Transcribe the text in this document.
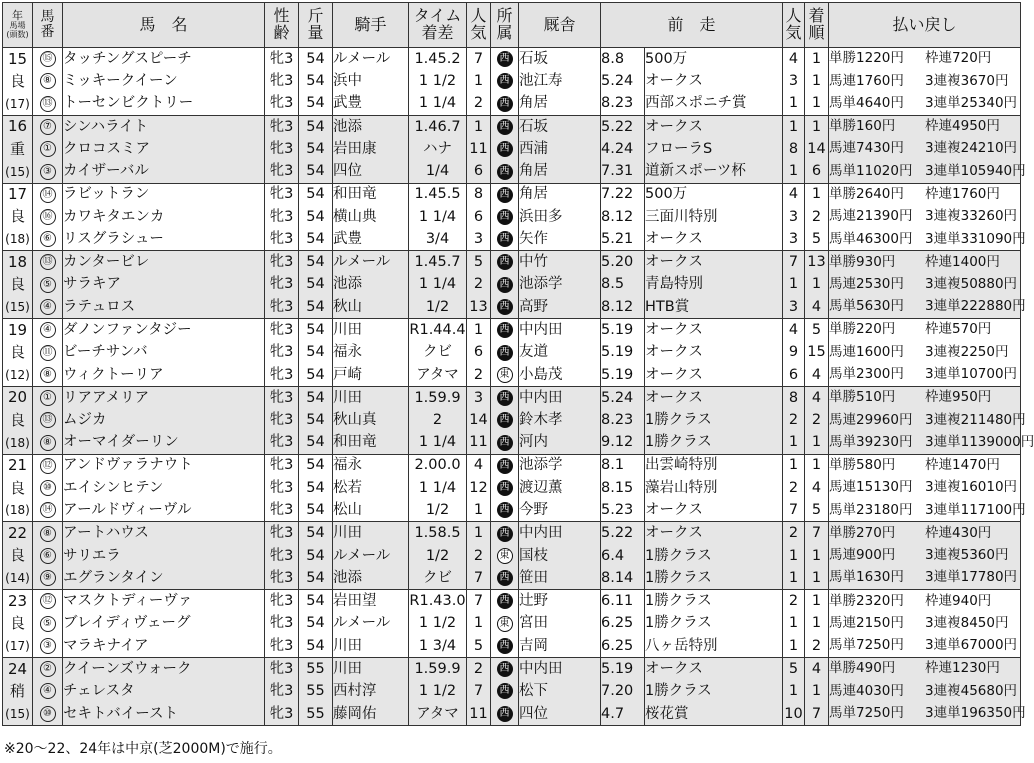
年
馬場
(頭数)	馬番	馬　名	性齢	斤量	騎手	タイム着差	人気	所属	厩舎	前　走		人気	着順	払い戻し
15	⑮	タッチングスピーチ	牝3	54	ルメール	1.45.2	7	西	石坂	8.8	500万	4	1	単勝1220円 枠連720円
良	⑧	ミッキークイーン	牝3	54	浜中	1 1/2	1	西	池江寿	5.24	オークス	3	1	馬連1760円 3連複3670円
(17)	⑬	トーセンビクトリー	牝3	54	武豊	1 1/4	2	西	角居	8.23	西部スポニチ賞	1	1	馬単4640円 3連単25340円
16	⑦	シンハライト	牝3	54	池添	1.46.7	1	西	石坂	5.22	オークス	1	1	単勝160円 枠連4950円
重	①	クロコスミア	牝3	54	岩田康	ハナ	11	西	西浦	4.24	フローラS	8	14	馬連7430円 3連複24210円
(15)	③	カイザーバル	牝3	54	四位	1/4	6	西	角居	7.31	道新スポーツ杯	1	6	馬単11020円 3連単105940円
17	⑭	ラビットラン	牝3	54	和田竜	1.45.5	8	西	角居	7.22	500万	4	1	単勝2640円 枠連1760円
良	⑯	カワキタエンカ	牝3	54	横山典	1 1/4	6	西	浜田多	8.12	三面川特別	3	2	馬連21390円 3連複33260円
(18)	⑥	リスグラシュー	牝3	54	武豊	3/4	3	西	矢作	5.21	オークス	3	5	馬単46300円 3連単331090円
18	⑬	カンタービレ	牝3	54	ルメール	1.45.7	5	西	中竹	5.20	オークス	7	13	単勝930円 枠連1400円
良	⑤	サラキア	牝3	54	池添	1 1/4	2	西	池添学	8.5	青島特別	1	1	馬連2530円 3連複50880円
(15)	④	ラテュロス	牝3	54	秋山	1/2	13	西	高野	8.12	HTB賞	3	4	馬単5630円 3連単222880円
19	④	ダノンファンタジー	牝3	54	川田	R1.44.4	1	西	中内田	5.19	オークス	4	5	単勝220円 枠連570円
良	⑪	ビーチサンバ	牝3	54	福永	クビ	6	西	友道	5.19	オークス	9	15	馬連1600円 3連複2250円
(12)	⑧	ウィクトーリア	牝3	54	戸崎	アタマ	2	東	小島茂	5.19	オークス	6	4	馬単2300円 3連単10700円
20	①	リアアメリア	牝3	54	川田	1.59.9	3	西	中内田	5.24	オークス	8	4	単勝510円 枠連950円
良	⑬	ムジカ	牝3	54	秋山真	2	14	西	鈴木孝	8.23	1勝クラス	2	2	馬連29960円 3連複211480円
(18)	⑧	オーマイダーリン	牝3	54	和田竜	1 1/4	11	西	河内	9.12	1勝クラス	1	1	馬単39230円 3連単1139000円
21	⑫	アンドヴァラナウト	牝3	54	福永	2.00.0	4	西	池添学	8.1	出雲崎特別	1	1	単勝580円 枠連1470円
良	⑩	エイシンヒテン	牝3	54	松若	1 1/4	12	西	渡辺薫	8.15	藻岩山特別	2	4	馬連15130円 3連複16010円
(18)	⑭	アールドヴィーヴル	牝3	54	松山	1/2	1	西	今野	5.23	オークス	7	5	馬単23180円 3連単117100円
22	⑧	アートハウス	牝3	54	川田	1.58.5	1	西	中内田	5.22	オークス	2	7	単勝270円 枠連430円
良	⑥	サリエラ	牝3	54	ルメール	1/2	2	東	国枝	6.4	1勝クラス	1	1	馬連900円 3連複5360円
(14)	⑨	エグランタイン	牝3	54	池添	クビ	7	西	笹田	8.14	1勝クラス	1	1	馬単1630円 3連単17780円
23	⑫	マスクトディーヴァ	牝3	54	岩田望	R1.43.0	7	西	辻野	6.11	1勝クラス	2	1	単勝2320円 枠連940円
良	⑤	ブレイディヴェーグ	牝3	54	ルメール	1 1/2	1	東	宮田	6.25	1勝クラス	1	1	馬連2150円 3連複8450円
(17)	③	マラキナイア	牝3	54	川田	1 3/4	5	西	吉岡	6.25	八ヶ岳特別	1	2	馬単7250円 3連単67000円
24	②	クイーンズウォーク	牝3	55	川田	1.59.9	2	西	中内田	5.19	オークス	5	4	単勝490円 枠連1230円
稍	④	チェレスタ	牝3	55	西村淳	1 1/2	7	西	松下	7.20	1勝クラス	1	1	馬連4030円 3連複45680円
(15)	⑩	セキトバイースト	牝3	55	藤岡佑	アタマ	11	西	四位	4.7	桜花賞	10	7	馬単7250円 3連単196350円
※20～22、24年は中京(芝2000M)で施行。
